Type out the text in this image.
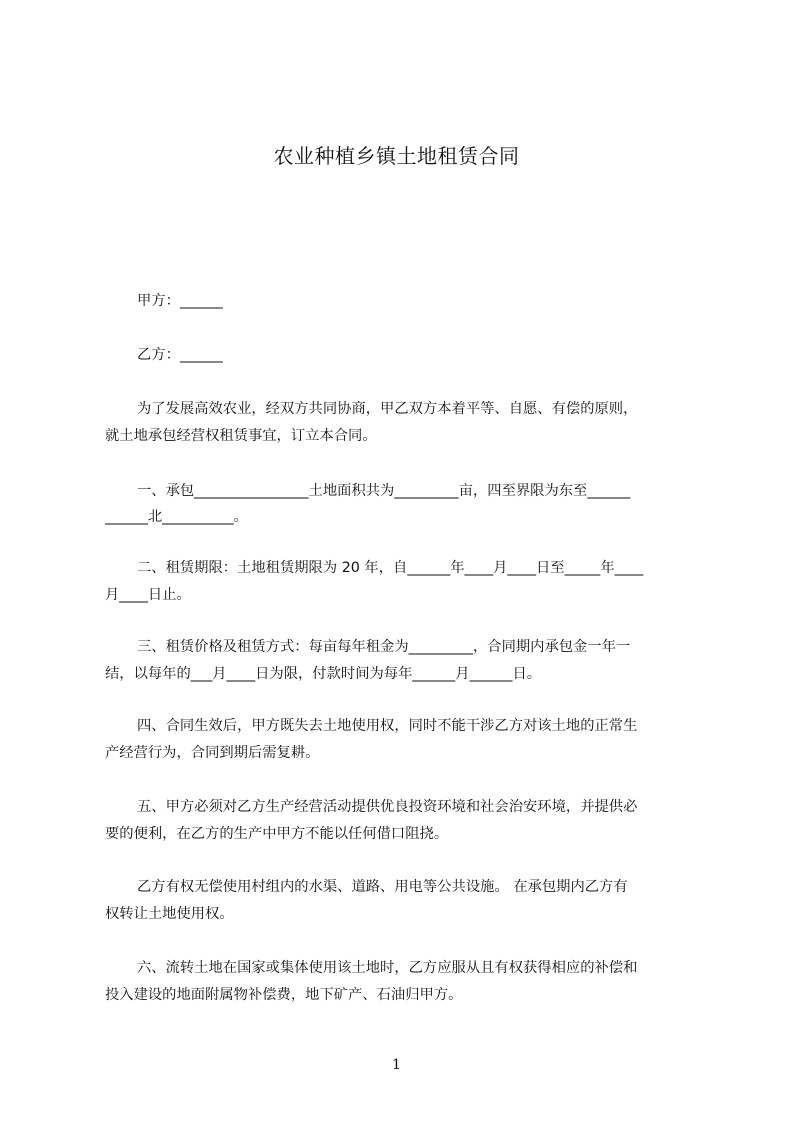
农业种植乡镇土地租赁合同
甲方：______
乙方：______
为了发展高效农业，经双方共同协商，甲乙双方本着平等、自愿、有偿的原则，
就土地承包经营权租赁事宜，订立本合同。
一、承包________________土地面积共为_________亩，四至界限为东至______
______北__________。
二、租赁期限：土地租赁期限为 20 年，自______年____月____日至_____年____
月____日止。
三、租赁价格及租赁方式：每亩每年租金为_________，合同期内承包金一年一
结，以每年的___月____日为限，付款时间为每年______月______日。
四、合同生效后，甲方既失去土地使用权，同时不能干涉乙方对该土地的正常生
产经营行为，合同到期后需复耕。
五、甲方必须对乙方生产经营活动提供优良投资环境和社会治安环境，并提供必
要的便利，在乙方的生产中甲方不能以任何借口阻挠。
乙方有权无偿使用村组内的水渠、道路、用电等公共设施。 在承包期内乙方有
权转让土地使用权。
六、流转土地在国家或集体使用该土地时，乙方应服从且有权获得相应的补偿和
投入建设的地面附属物补偿费，地下矿产、石油归甲方。
1
